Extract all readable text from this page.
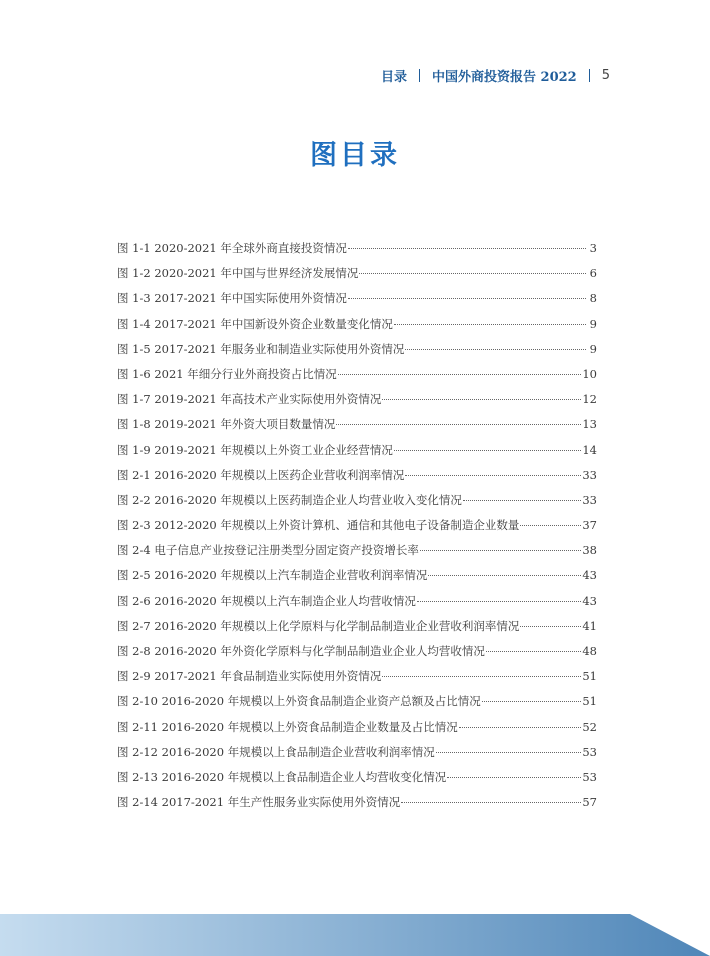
目录 中国外商投资报告 2022 5
图目录
图 1-1 2020-2021 年全球外商直接投资情况	3
图 1-2 2020-2021 年中国与世界经济发展情况	6
图 1-3 2017-2021 年中国实际使用外资情况	8
图 1-4 2017-2021 年中国新设外资企业数量变化情况	9
图 1-5 2017-2021 年服务业和制造业实际使用外资情况	9
图 1-6 2021 年细分行业外商投资占比情况	10
图 1-7 2019-2021 年高技术产业实际使用外资情况	12
图 1-8 2019-2021 年外资大项目数量情况	13
图 1-9 2019-2021 年规模以上外资工业企业经营情况	14
图 2-1 2016-2020 年规模以上医药企业营收利润率情况	33
图 2-2 2016-2020 年规模以上医药制造企业人均营业收入变化情况	33
图 2-3 2012-2020 年规模以上外资计算机、通信和其他电子设备制造企业数量	37
图 2-4 电子信息产业按登记注册类型分固定资产投资增长率	38
图 2-5 2016-2020 年规模以上汽车制造企业营收利润率情况	43
图 2-6 2016-2020 年规模以上汽车制造企业人均营收情况	43
图 2-7 2016-2020 年规模以上化学原料与化学制品制造业企业营收利润率情况	41
图 2-8 2016-2020 年外资化学原料与化学制品制造业企业人均营收情况	48
图 2-9 2017-2021 年食品制造业实际使用外资情况	51
图 2-10 2016-2020 年规模以上外资食品制造企业资产总额及占比情况	51
图 2-11 2016-2020 年规模以上外资食品制造企业数量及占比情况	52
图 2-12 2016-2020 年规模以上食品制造企业营收利润率情况	53
图 2-13 2016-2020 年规模以上食品制造企业人均营收变化情况	53
图 2-14 2017-2021 年生产性服务业实际使用外资情况	57
